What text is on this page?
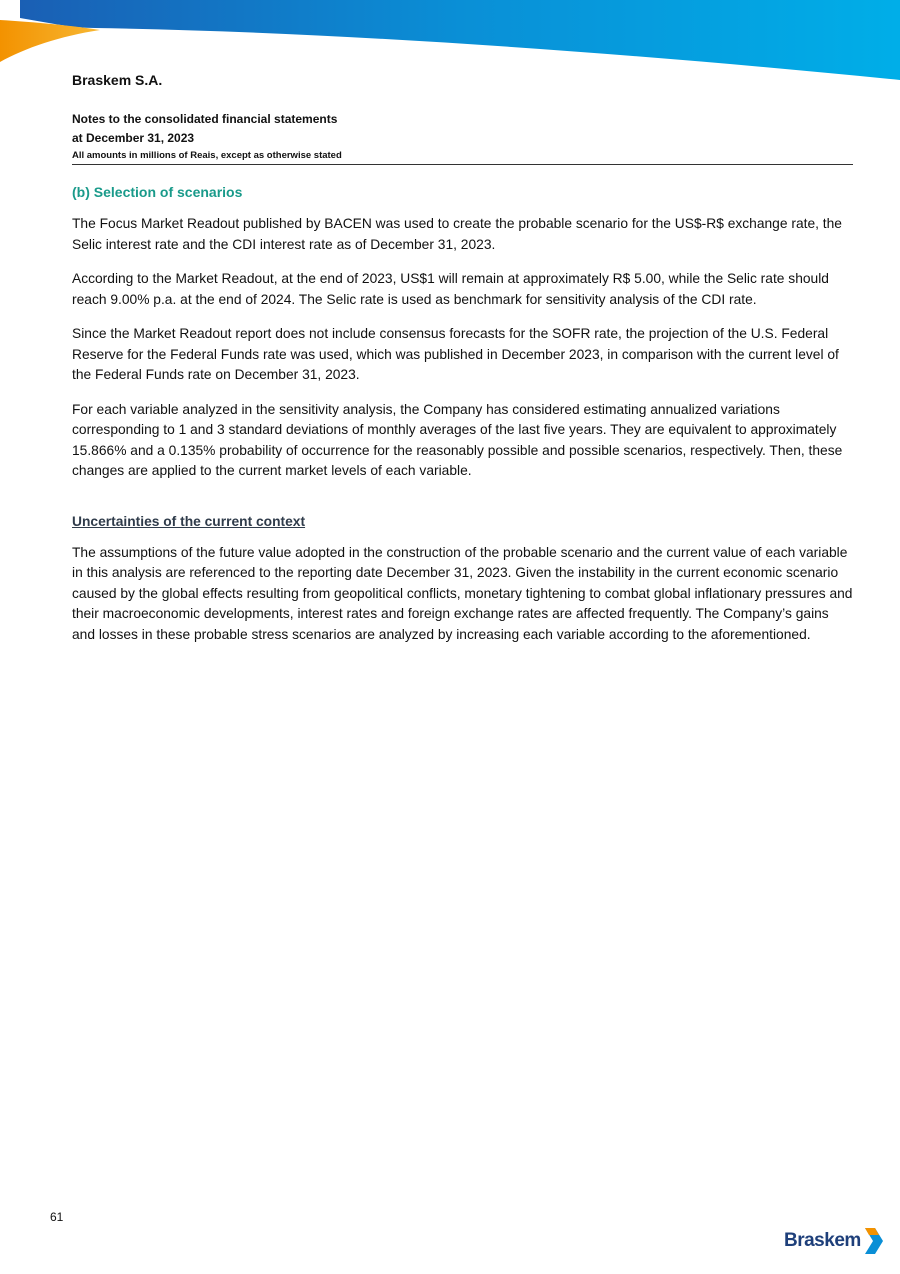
Braskem S.A.
Notes to the consolidated financial statements
at December 31, 2023
All amounts in millions of Reais, except as otherwise stated
(b) Selection of scenarios

The Focus Market Readout published by BACEN was used to create the probable scenario for the US$-R$ exchange rate, the Selic interest rate and the CDI interest rate as of December 31, 2023.

According to the Market Readout, at the end of 2023, US$1 will remain at approximately R$ 5.00, while the Selic rate should reach 9.00% p.a. at the end of 2024. The Selic rate is used as benchmark for sensitivity analysis of the CDI rate.

Since the Market Readout report does not include consensus forecasts for the SOFR rate, the projection of the U.S. Federal Reserve for the Federal Funds rate was used, which was published in December 2023, in comparison with the current level of the Federal Funds rate on December 31, 2023.

For each variable analyzed in the sensitivity analysis, the Company has considered estimating annualized variations corresponding to 1 and 3 standard deviations of monthly averages of the last five years. They are equivalent to approximately 15.866% and a 0.135% probability of occurrence for the reasonably possible and possible scenarios, respectively. Then, these changes are applied to the current market levels of each variable.

Uncertainties of the current context

The assumptions of the future value adopted in the construction of the probable scenario and the current value of each variable in this analysis are referenced to the reporting date December 31, 2023. Given the instability in the current economic scenario caused by the global effects resulting from geopolitical conflicts, monetary tightening to combat global inflationary pressures and their macroeconomic developments, interest rates and foreign exchange rates are affected frequently. The Company’s gains and losses in these probable stress scenarios are analyzed by increasing each variable according to the aforementioned.

61
Braskem
